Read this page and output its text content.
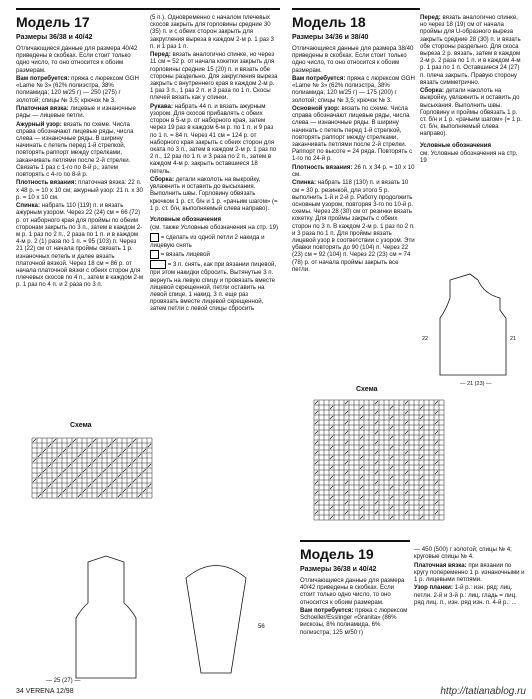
Модель 17
Размеры 36/38 и 40/42

Отличающиеся данные для размера 40/42 приведены в скобках. Если стоит только одно число, то оно относится к обоим размерам.

Вам потребуется: пряжа с люрексом GGH «Lame № 3» (62% полиэстра, 38% полиамида; 120 м/25 г) — 250 (275) г золотой; спицы № 3,5; крючок № 3.

Платочная вязка: лицевые и изнаночные ряды — лицевые петли.

Ажурный узор: вязать по схеме. Числа справа обозначают лицевые ряды, числа слева — изнаночные ряды. В ширину начинать с петель перед 1-й стрелкой, повторять раппорт между стрелками, заканчивать петлями после 2-й стрелки. Связать 1 раз с 1-го по 8-й р., затем повторять с 4-го по 8-й р.

Плотность вязания: платочная вязка: 22 п. x 48 р. = 10 x 10 см; ажурный узор: 21 п. x 30 р. = 10 x 10 см.

Спинка: набрать 110 (119) п. и вязать ажурным узором. Через 22 (24) см = 66 (72) р. от наборного края для проймы по обеим сторонам закрыть по 3 п., затем в каждом 2-м р. 1 раз по 2 п., 2 раза по 1 п. и в каждом 4-м р. 2 (1) раза по 1 п. = 95 (103) п. Через 21 (22) см от начала проймы связать 1 р. изнаночных петель и далее вязать платочной вязкой. Через 18 см = 86 р. от начала платочной вязки с обеих сторон для плечевых скосов по 4 п., затем в каждом 2-м р. 1 раз по 4 п. и 2 раза по 3 п.

(5 п.). Одновременно с началом плечевых скосов закрыть для горловины средние 30 (35) п. и с обеих сторон закрыть для закругления выреза в каждом 2-м р. 1 раз 3 п. и 1 раз 1 п.

Перед: вязать аналогично спинке, но через 11 см = 52 р. от начала кокетки закрыть для горловины средние 15 (20) п. и вязать обе стороны раздельно. Для закругления выреза закрыть с внутреннего края в каждом 2-м р. 1 раз 3 п., 1 раз 2 п. и 3 раза по 1 п. Скосы плечей вязать как у спинки.

Рукава: набрать 44 п. и вязать ажурным узором. Для скосов прибавлять с обеих сторон в 5-м р. от наборного края, затем через 19 раз в каждом 6-м р. по 1 п. и 9 раз по 1 п. = 84 п. Через 41 см = 124 р. от наборного края закрыть с обеих сторон для оката по 3 п., затем в каждом 2-м р. 1 раз по 2 п., 12 раз по 1 п. и 3 раза по 2 п., затем в каждом 4-м р. закрыть оставшиеся 18 петель.

Сборка: детали наколоть на выкройку, увлажнить и оставить до высыхания. Выполнить швы. Горловину обвязать крючком 1 р. ст. б/н и 1 р. «рачьим шагом» (= 1 р. ст. б/н, выполняемый слева направо).

Условные обозначения

(см. также Условные обозначения на стр. 19)

= сделать из одной петли 2 накида и лицевую снять

= вязать лицевой

= 3 п. снять, как при вязании лицевой, при этом накидки сбросить. Вытянутые 3 п. вернуть на левую спицу и провязать вместе лицевой скрещенной, петли оставить на левой спице, 1 накид, 3 п. еще раз провязать вместе лицевой скрещенной, затем петли с левой спицы сбросить

Схема
— 25 (27) —
56
Модель 18
Размеры 34/36 и 38/40

Отличающиеся данные для размера 38/40 приведены в скобках. Если стоит только одно число, то оно относится к обоим размерам.

Вам потребуется: пряжа с люрексом GGH «Lame № 3» (62% полиэстра, 38% полиамида; 120 м/25 г) — 175 (200) г золотой; спицы № 3,5; крючок № 3.

Основной узор: вязать по схеме. Числа справа обозначают лицевые ряды, числа слева — изнаночные ряды. В ширину начинать с петель перед 1-й стрелкой, повторять раппорт между стрелками, заканчивать петлями после 2-й стрелки. Раппорт по высоте = 24 ряда. Повторять с 1-го по 24-й р.

Плотность вязания: 26 п. x 34 р. = 10 x 10 см.

Спинка: набрать 118 (130) п. и вязать 10 см = 30 р. резинкой, для этого 5 р. выполнить 1-й и 2-й р. Работу продолжить основным узором, повторяя 3-го по 10-й р. схемы. Через 28 (30) см от резинки вязать кокетку. Для проймы закрыть с обеих сторон по 3 п. В каждом 2-м р. 1 раз по 2 п. и 3 раза по 1 п. Для проймы вязать лицевой узор в соответствии с узором. Эти убавки повторять до 90 (104) п. Через 22 (23) см = 92 (104) п. Через 22 (23) см = 74 (78) р. от начала проймы закрыть все петли.

Перед: вязать аналогично спинке, но через 18 (19) см от начала проймы для U-образного выреза закрыть средние 28 (30) п. и вязать обе стороны раздельно. Для скоса выреза 2 р. вязать, затем в каждом 2-м р. 2 раза по 1 п. и в каждом 4-м р. 1 раз по 1 п. Оставшиеся 24 (27) п. плеча закрыть. Правую сторону вязать симметрично.

Сборка: детали наколоть на выкройку, увлажнить и оставить до высыхания. Выполнить швы. Горловину и проймы обвязать 1 р. ст. б/н и 1 р. «рачьим шагом» (= 1 р. ст. б/н, выполняемый слева направо).

Условные обозначения

см. Условные обозначения на стр. 19

— 21 (23) —
22	21
Схема
Модель 19
Размеры 36/38 и 40/42

Отличающиеся данные для размера 40/42 приведены в скобках. Если стоит только одно число, то оно относится к обоим размерам.

Вам потребуется: пряжа с люрексом Schoeller/Esslinger «Granita» (86% вискозы, 8% полиамида, 6% полиэстра; 125 м/50 г)

— 450 (500) г золотой; спицы № 4; круговые спицы № 4.

Платочная вязка: при вязании по кругу попеременно 1 р. изнаночными и 1 р. лицевыми петлями.

Узор планки: 1-й р.: изн. ряд: лиц. петли. 2-й и 3-й р.: лиц. гладь = лиц. ряд лиц. п., изн. ряд изн. п. 4-й р.: ...

34 VERENA 12/98	http://tatianablog.ru
